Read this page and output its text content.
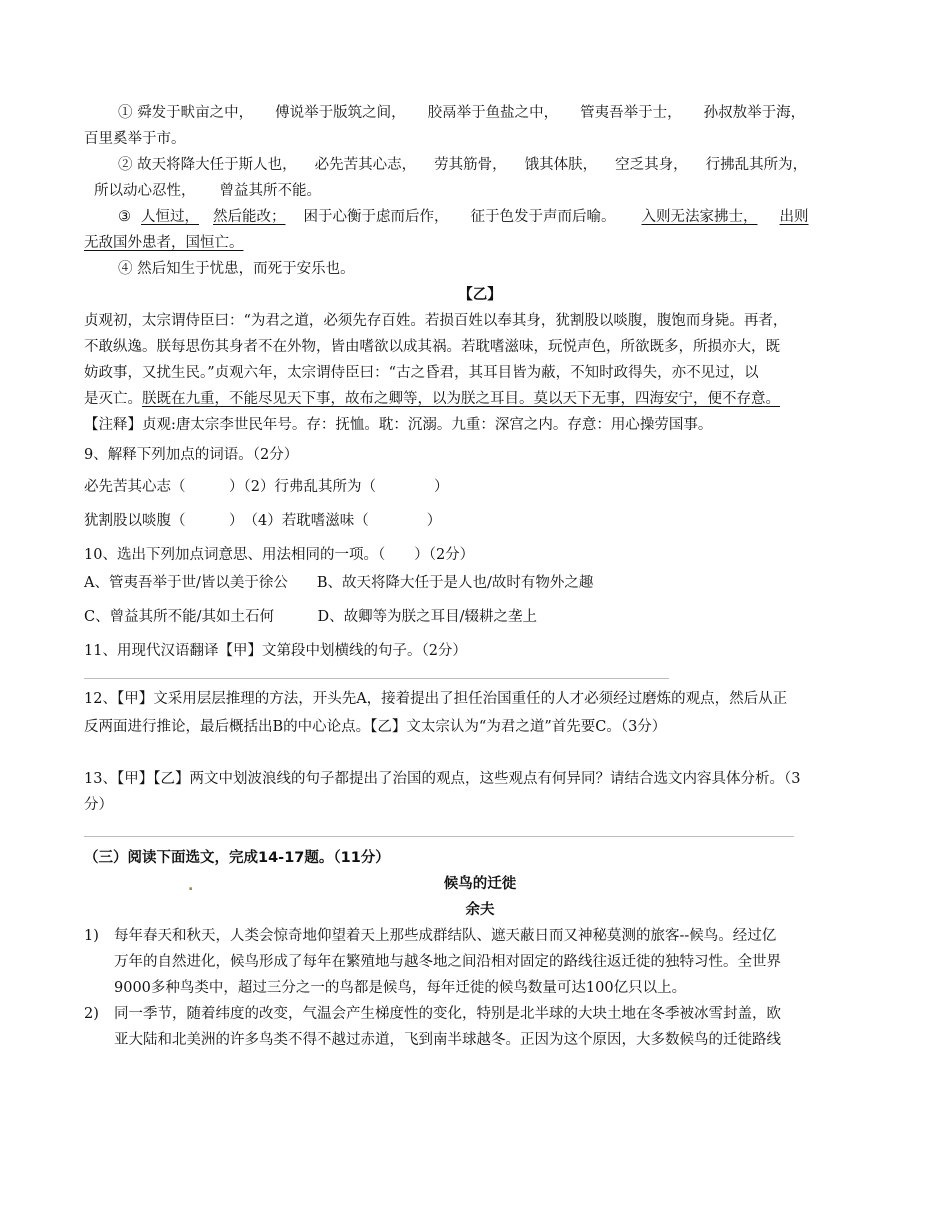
① 舜发于畎亩之中， 傅说举于版筑之间， 胶鬲举于鱼盐之中， 管夷吾举于士， 孙叔敖举于海，
百里奚举于市。
② 故天将降大任于斯人也， 必先苦其心志， 劳其筋骨， 饿其体肤， 空乏其身， 行拂乱其所为，
所以动心忍性， 曾益其所不能。
③ 人恒过， 然后能改； 困于心衡于虑而后作， 征于色发于声而后喻。 入则无法家拂士， 出则
无敌国外患者，国恒亡。
④ 然后知生于忧患，而死于安乐也。
【乙】
贞观初，太宗谓侍臣曰：“为君之道，必须先存百姓。若损百姓以奉其身，犹割股以啖腹，腹饱而身毙。再者，
不敢纵逸。朕每思伤其身者不在外物，皆由嗜欲以成其祸。若耽嗜滋味，玩悦声色，所欲既多，所损亦大，既
妨政事，又扰生民。”贞观六年，太宗谓侍臣曰：“古之昏君，其耳目皆为蔽，不知时政得失，亦不见过，以
是灭亡。朕既在九重，不能尽见天下事，故布之卿等，以为朕之耳目。莫以天下无事，四海安宁，便不存意。
【注释】贞观:唐太宗李世民年号。存：抚恤。耽：沉溺。九重：深宫之内。存意：用心操劳国事。
9、解释下列加点的词语。（2分）
必先苦其心志（　　　）（2）行弗乱其所为（　　　　）
犹割股以啖腹（　　　）　（4）若耽嗜滋味（　　　　）
10、选出下列加点词意思、用法相同的一项。（　　）（2分）
A、管夷吾举于世/皆以美于徐公　　B、故天将降大任于是人也/故时有物外之趣
C、曾益其所不能/其如土石何　　　D、故卿等为朕之耳目/辍耕之垄上
11、用现代汉语翻译【甲】文第段中划横线的句子。（2分）
12、【甲】文采用层层推理的方法，开头先A，接着提出了担任治国重任的人才必须经过磨炼的观点，然后从正
反两面进行推论，最后概括出B的中心论点。【乙】文太宗认为“为君之道”首先要C。（3分）
13、【甲】【乙】两文中划波浪线的句子都提出了治国的观点，这些观点有何异同？请结合选文内容具体分析。（3
分）
（三）阅读下面选文，完成14-17题。（11分）
.	候鸟的迁徙
余夫
1) 每年春天和秋天，人类会惊奇地仰望着天上那些成群结队、遮天蔽日而又神秘莫测的旅客--候鸟。经过亿
万年的自然进化，候鸟形成了每年在繁殖地与越冬地之间沿相对固定的路线往返迁徙的独特习性。全世界
9000多种鸟类中，超过三分之一的鸟都是候鸟，每年迁徙的候鸟数量可达100亿只以上。
2) 同一季节，随着纬度的改变，气温会产生梯度性的变化，特别是北半球的大块土地在冬季被冰雪封盖，欧
亚大陆和北美洲的许多鸟类不得不越过赤道，飞到南半球越冬。正因为这个原因，大多数候鸟的迁徙路线
